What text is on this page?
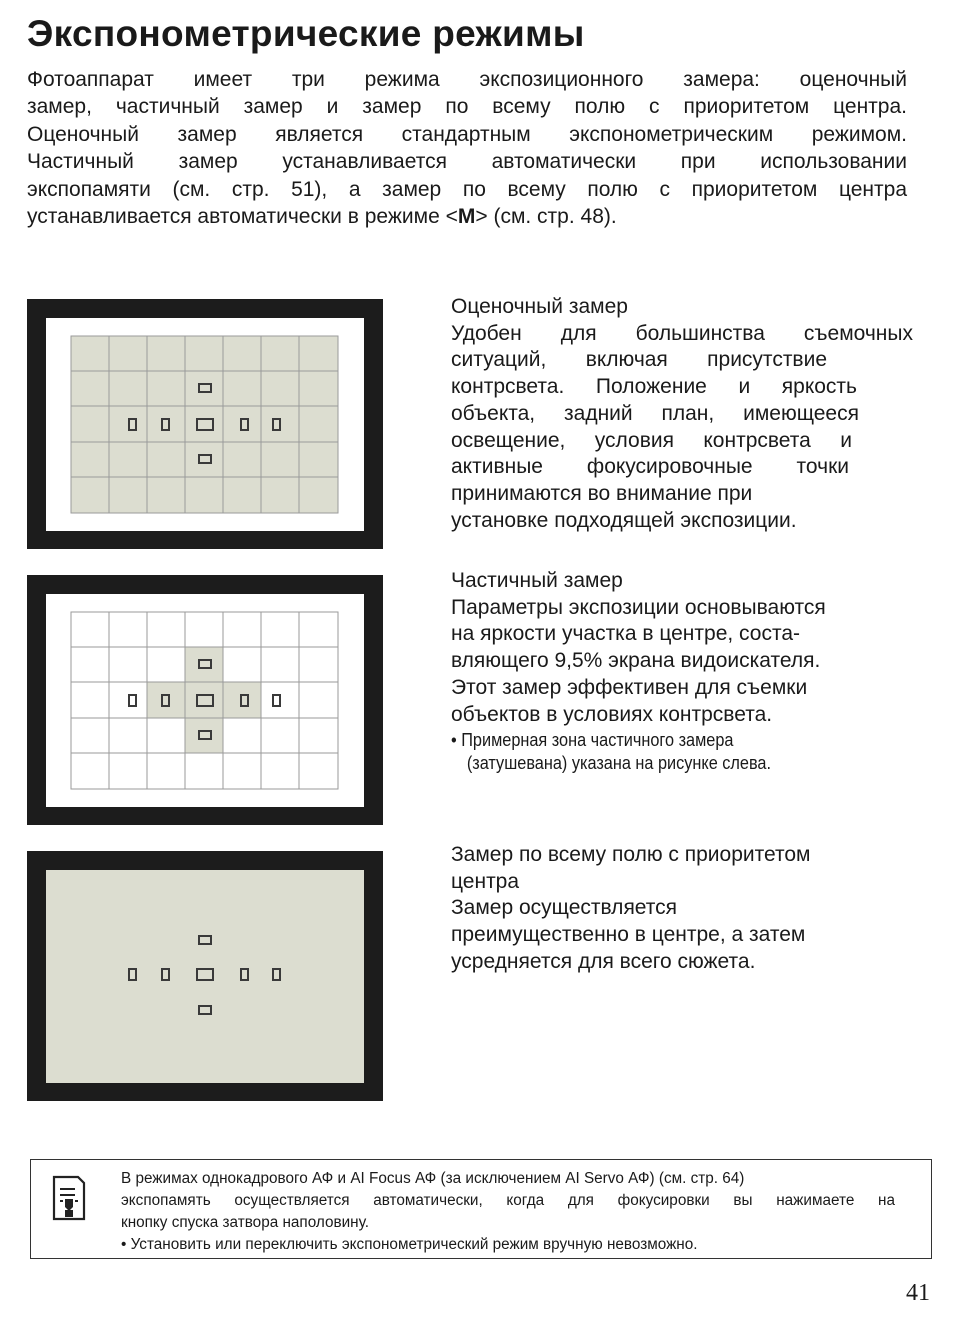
Экспонометрические режимы
Фотоаппарат имеет три режима экспозиционного замера: оценочный
замер, частичный замер и замер по всему полю с приоритетом центра.
Оценочный замер является стандартным экспонометрическим режимом.
Частичный замер устанавливается автоматически при использовании
экспопамяти (см. стр. 51), а замер по всему полю с приоритетом центра
устанавливается автоматически в режиме <M> (см. стр. 48).
Оценочный замер
Удобен для большинства съемочных
ситуаций, включая присутствие
контрсвета. Положение и яркость
объекта, задний план, имеющееся
освещение, условия контрсвета и
активные фокусировочные точки
принимаются во внимание при
установке подходящей экспозиции.
Частичный замер
Параметры экспозиции основываются
на яркости участка в центре, соста-
вляющего 9,5% экрана видоискателя.
Этот замер эффективен для съемки
объектов в условиях контрсвета.
• Примерная зона частичного замера
(затушевана) указана на рисунке слева.
Замер по всему полю с приоритетом
центра
Замер осуществляется
преимущественно в центре, а затем
усредняется для всего сюжета.
В режимах однокадрового АФ и AI Focus АФ (за исключением AI Servo АФ) (см. стр. 64)
экспопамять осуществляется автоматически, когда для фокусировки вы нажимаете на
кнопку спуска затвора наполовину.
• Установить или переключить экспонометрический режим вручную невозможно.
41
